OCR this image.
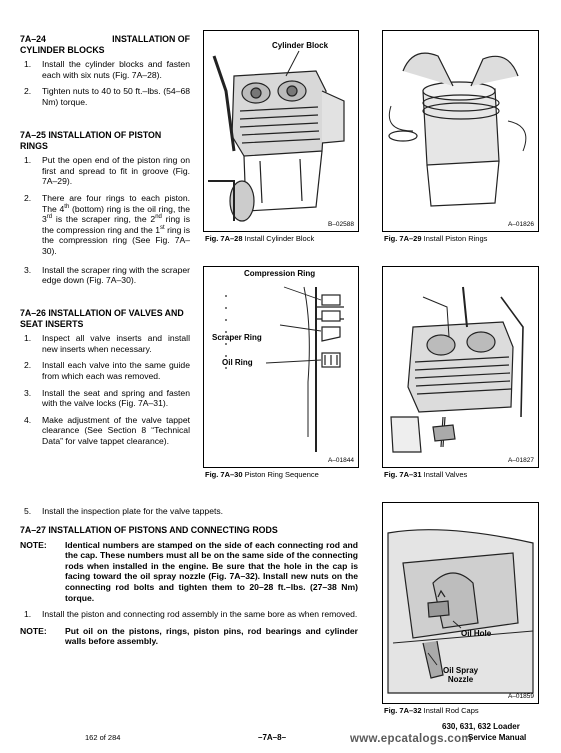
7A–24	INSTALLATION OF

CYLINDER BLOCKS
1. Install the cylinder blocks and fasten each with six nuts (Fig. 7A–28).
2. Tighten nuts to 40 to 50 ft.–lbs. (54–68 Nm) torque.
7A–25 INSTALLATION OF PISTON RINGS
1. Put the open end of the piston ring on first and spread to fit in groove (Fig. 7A–29).
2. There are four rings to each piston. The 4th (bottom) ring is the oil ring, the 3rd is the scraper ring, the 2nd ring is the compression ring and the 1st ring is the compression ring (See Fig. 7A–30).
3. Install the scraper ring with the scraper edge down (Fig. 7A–30).
7A–26 INSTALLATION OF VALVES AND SEAT INSERTS
1. Inspect all valve inserts and install new inserts when necessary.
2. Install each valve into the same guide from which each was removed.
3. Install the seat and spring and fasten with the valve locks (Fig. 7A–31).
4. Make adjustment of the valve tappet clearance (See Section 8 “Technical Data” for valve tappet clearance).
5. Install the inspection plate for the valve tappets.
7A–27 INSTALLATION OF PISTONS AND CONNECTING RODS
NOTE: Identical numbers are stamped on the side of each connecting rod and the cap. These numbers must all be on the same side of the connecting rods when installed in the engine. Be sure that the hole in the cap is facing toward the oil spray nozzle (Fig. 7A–32). Install new nuts on the connecting rod bolts and tighten them to 20–28 ft.–lbs. (27–38 Nm) torque.
1. Install the piston and connecting rod assembly in the same bore as when removed.
NOTE: Put oil on the pistons, rings, piston pins, rod bearings and cylinder walls before assembly.
Cylinder Block
B–02588
Fig. 7A–28 Install Cylinder Block
A–01826
Fig. 7A–29 Install Piston Rings
Compression Ring
Scraper Ring
Oil Ring
A–01844
Fig. 7A–30 Piston Ring Sequence
A–01827
Fig. 7A–31 Install Valves
Oil Hole
Oil Spray
Nozzle
A–01859
Fig. 7A–32 Install Rod Caps
162 of 284	–7A–8–
630, 631, 632 Loader
Service Manual
www.epcatalogs.com
